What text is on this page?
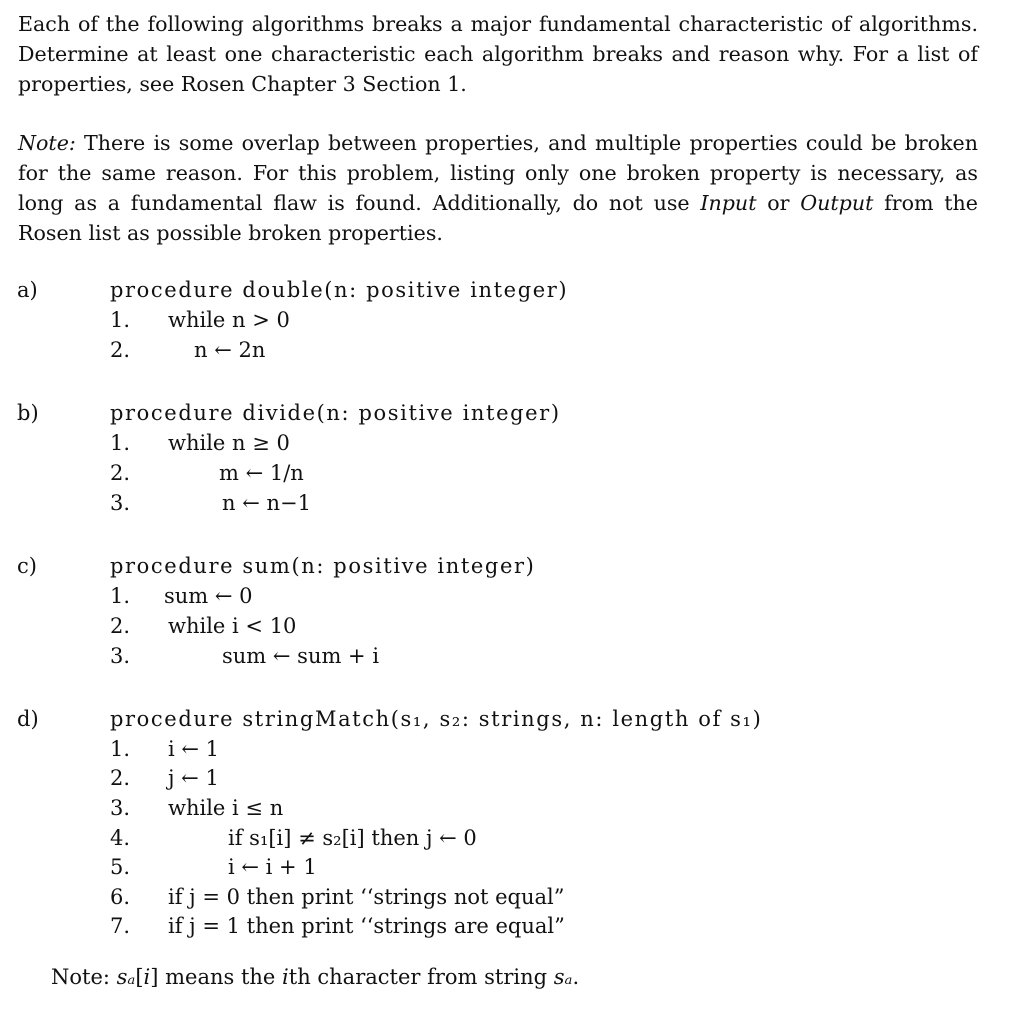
Each of the following algorithms breaks a major fundamental characteristic of algorithms. Determine at least one characteristic each algorithm breaks and reason why. For a list of properties, see Rosen Chapter 3 Section 1.
Note: There is some overlap between properties, and multiple properties could be broken for the same reason. For this problem, listing only one broken property is necessary, as long as a fundamental flaw is found. Additionally, do not use Input or Output from the Rosen list as possible broken properties.
a)	procedure double(n: positive integer)
1. while n > 0
2.	n ← 2n
b)	procedure divide(n: positive integer)
1. while n ≥ 0
2.	m ← 1/n
3.	n ← n−1
c)	procedure sum(n: positive integer)
1. sum ← 0
2. while i < 10
3.	sum ← sum + i
d)	procedure stringMatch(s₁, s₂: strings, n: length of s₁)
1. i ← 1
2. j ← 1
3. while i ≤ n
4.	if s₁[i] ≠ s₂[i] then j ← 0
5.	i ← i + 1
6. if j = 0 then print ‘‘strings not equal”
7. if j = 1 then print ‘‘strings are equal”
Note: sₐ[i] means the ith character from string sₐ.
